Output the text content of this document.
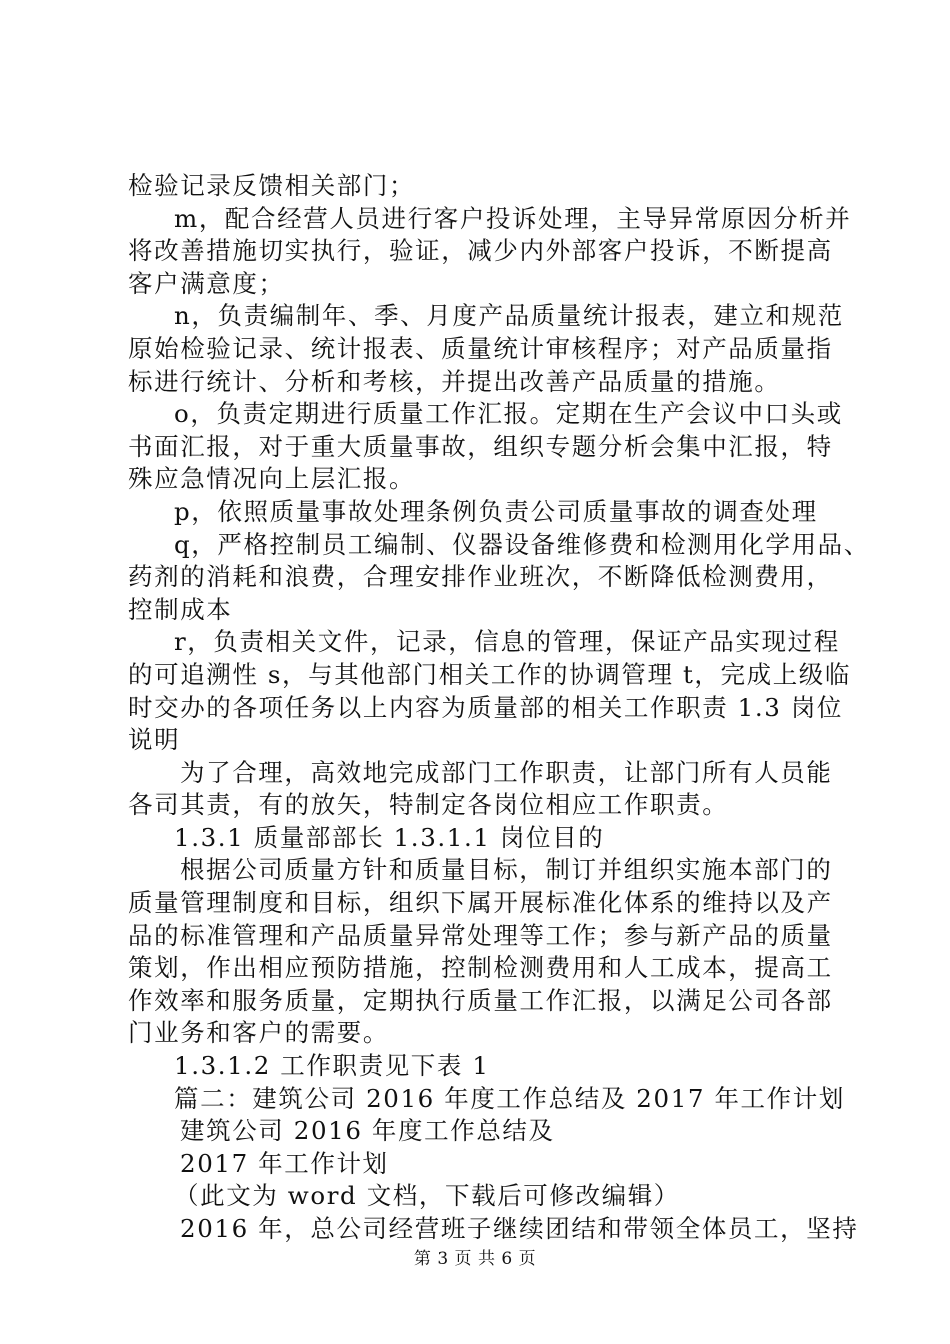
检验记录反馈相关部门；
m，配合经营人员进行客户投诉处理，主导异常原因分析并
将改善措施切实执行，验证，减少内外部客户投诉，不断提高
客户满意度；
n，负责编制年、季、月度产品质量统计报表，建立和规范
原始检验记录、统计报表、质量统计审核程序；对产品质量指
标进行统计、分析和考核，并提出改善产品质量的措施。
o，负责定期进行质量工作汇报。定期在生产会议中口头或
书面汇报，对于重大质量事故，组织专题分析会集中汇报，特
殊应急情况向上层汇报。
p，依照质量事故处理条例负责公司质量事故的调查处理
q，严格控制员工编制、仪器设备维修费和检测用化学用品、
药剂的消耗和浪费，合理安排作业班次，不断降低检测费用，
控制成本
r，负责相关文件，记录，信息的管理，保证产品实现过程
的可追溯性 s，与其他部门相关工作的协调管理 t，完成上级临
时交办的各项任务以上内容为质量部的相关工作职责 1.3 岗位
说明
为了合理，高效地完成部门工作职责，让部门所有人员能
各司其责，有的放矢，特制定各岗位相应工作职责。
1.3.1 质量部部长 1.3.1.1 岗位目的
根据公司质量方针和质量目标，制订并组织实施本部门的
质量管理制度和目标，组织下属开展标准化体系的维持以及产
品的标准管理和产品质量异常处理等工作；参与新产品的质量
策划，作出相应预防措施，控制检测费用和人工成本，提高工
作效率和服务质量，定期执行质量工作汇报，以满足公司各部
门业务和客户的需要。
1.3.1.2 工作职责见下表 1
篇二：建筑公司 2016 年度工作总结及 2017 年工作计划
建筑公司 2016 年度工作总结及
2017 年工作计划
（此文为 word 文档，下载后可修改编辑）
2016 年，总公司经营班子继续团结和带领全体员工，坚持
第 3 页 共 6 页
